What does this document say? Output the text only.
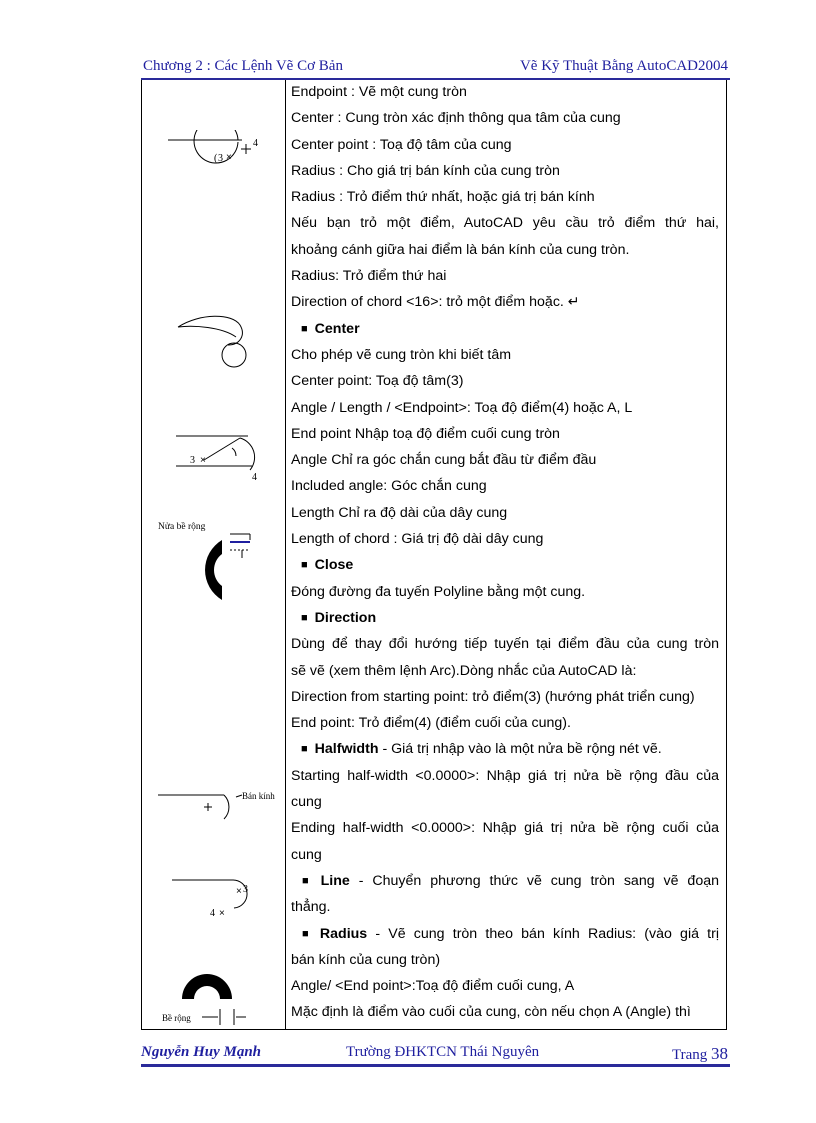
Chương 2 : Các Lệnh Vẽ Cơ Bản	Vẽ Kỹ Thuật Bằng AutoCAD2004
( 3 ×
4
3 ×
4
Nửa bề rộng
Bán kính
× 3
4 ×
Bề rộng
Endpoint : Vẽ một cung tròn
Center : Cung tròn xác định thông qua tâm của cung
Center point : Toạ độ tâm của cung
Radius : Cho giá trị bán kính của cung tròn
Radius : Trỏ điểm thứ nhất, hoặc giá trị bán kính
Nếu bạn trỏ một điểm, AutoCAD yêu cầu trỏ điểm thứ hai,
khoảng cánh giữa hai điểm là bán kính của cung tròn.
Radius: Trỏ điểm thứ hai
Direction of chord <16>: trỏ một điểm hoặc. ↵
■ Center
Cho phép vẽ cung tròn khi biết tâm
Center point: Toạ độ tâm(3)
Angle / Length / <Endpoint>: Toạ độ điểm(4) hoặc A, L
End point Nhập toạ độ điểm cuối cung tròn
Angle Chỉ ra góc chắn cung bắt đầu từ điểm đầu
Included angle: Góc chắn cung
Length Chỉ ra độ dài của dây cung
Length of chord : Giá trị độ dài dây cung
■ Close
Đóng đường đa tuyến Polyline bằng một cung.
■ Direction
Dùng để thay đổi hướng tiếp tuyến tại điểm đầu của cung tròn
sẽ vẽ (xem thêm lệnh Arc).Dòng nhắc của AutoCAD là:
Direction from starting point: trỏ điểm(3) (hướng phát triển cung)
End point: Trỏ điểm(4) (điểm cuối của cung).
■ Halfwidth - Giá trị nhập vào là một nửa bề rộng nét vẽ.
Starting half-width <0.0000>: Nhập giá trị nửa bề rộng đầu của
cung
Ending half-width <0.0000>: Nhập giá trị nửa bề rộng cuối của
cung
■ Line - Chuyển phương thức vẽ cung tròn sang vẽ đoạn
thẳng.
■ Radius - Vẽ cung tròn theo bán kính Radius: (vào giá trị
bán kính của cung tròn)
Angle/ <End point>:Toạ độ điểm cuối cung, A
Mặc định là điểm vào cuối của cung, còn nếu chọn A (Angle) thì
Nguyễn Huy Mạnh	Trường ĐHKTCN Thái Nguyên	Trang 38
